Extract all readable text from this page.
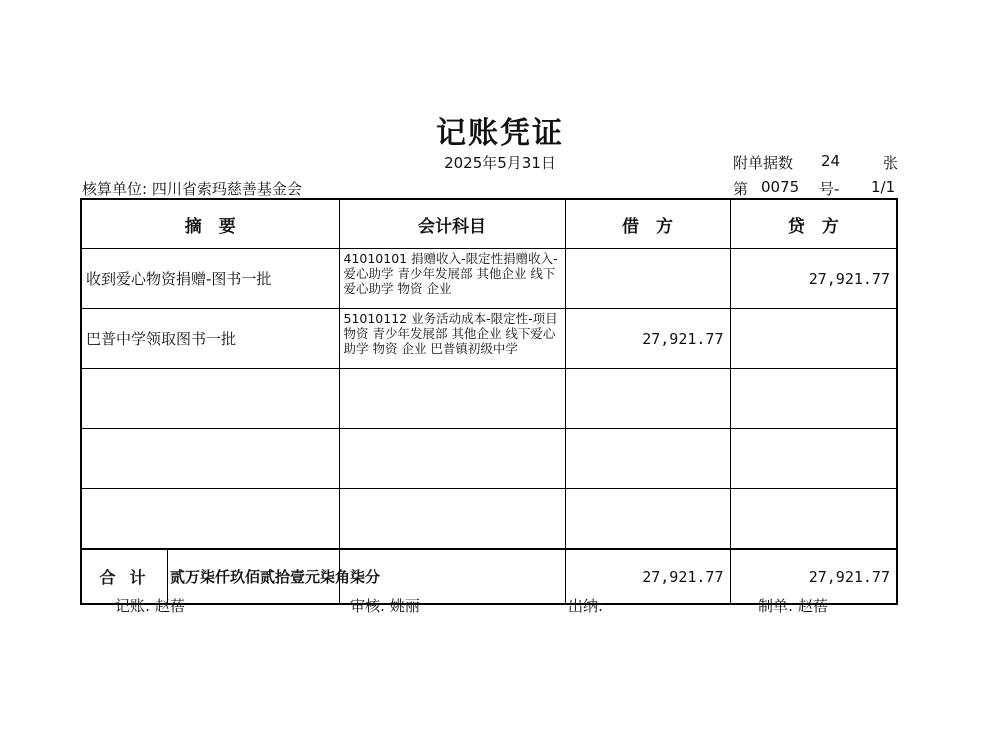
记账凭证
2025年5月31日	附单据数 24	张
核算单位: 四川省索玛慈善基金会	第 0075 号- 1/1
摘　要	会计科目	借　方	贷　方
收到爱心物资捐赠-图书一批	41010101 捐赠收入-限定性捐赠收入-爱心助学 青少年发展部 其他企业 线下爱心助学 物资 企业		27,921.77
巴普中学领取图书一批	51010112 业务活动成本-限定性-项目物资 青少年发展部 其他企业 线下爱心助学 物资 企业 巴普镇初级中学	27,921.77	

合计 贰万柒仟玖佰贰拾壹元柒角柒分		27,921.77	27,921.77
记账: 赵蓓	审核: 姚丽	出纳:	制单: 赵蓓
